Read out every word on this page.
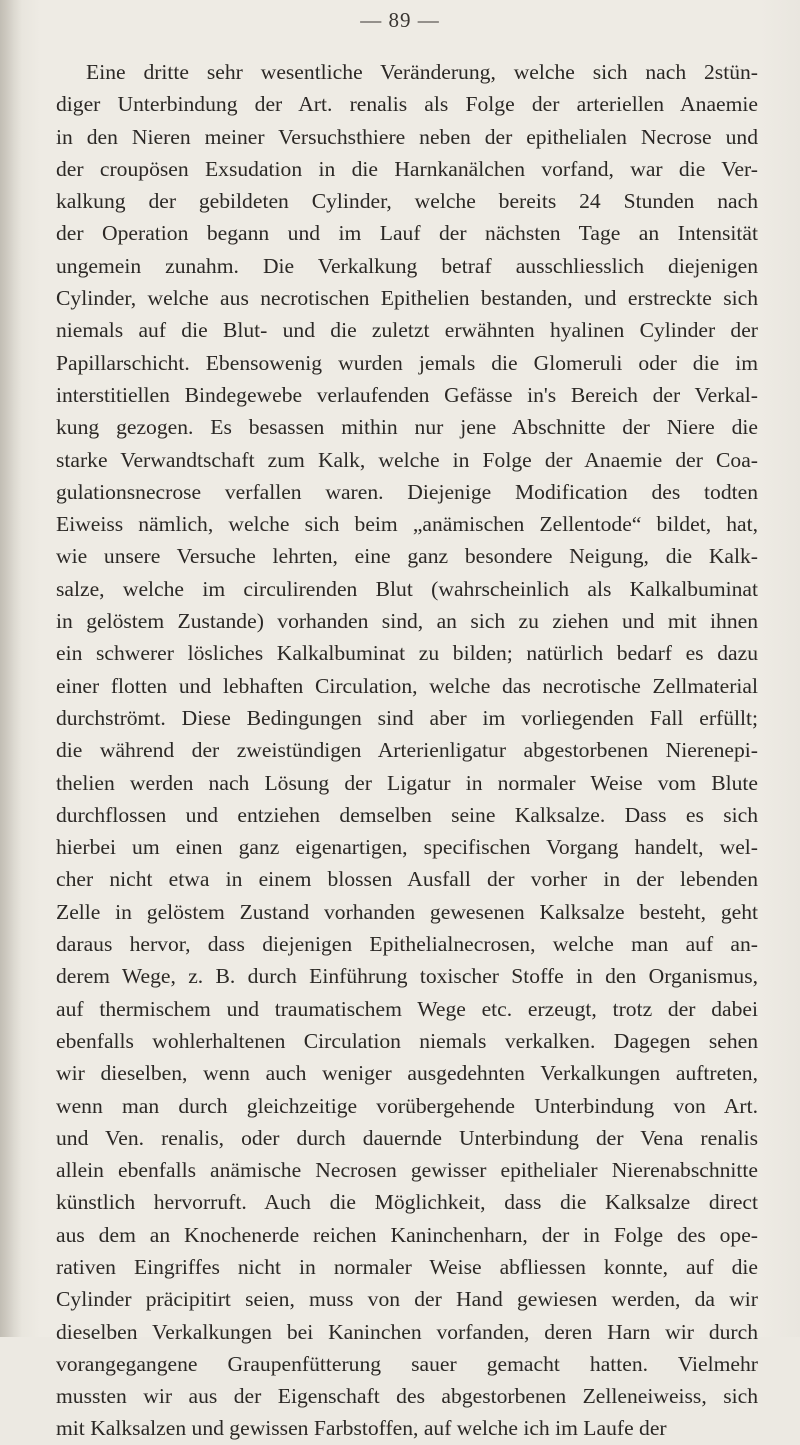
— 89 —
Eine dritte sehr wesentliche Veränderung, welche sich nach 2stün-
diger Unterbindung der Art. renalis als Folge der arteriellen Anaemie
in den Nieren meiner Versuchsthiere neben der epithelialen Necrose und
der croupösen Exsudation in die Harnkanälchen vorfand, war die Ver-
kalkung der gebildeten Cylinder, welche bereits 24 Stunden nach
der Operation begann und im Lauf der nächsten Tage an Intensität
ungemein zunahm. Die Verkalkung betraf ausschliesslich diejenigen
Cylinder, welche aus necrotischen Epithelien bestanden, und erstreckte sich
niemals auf die Blut- und die zuletzt erwähnten hyalinen Cylinder der
Papillarschicht. Ebensowenig wurden jemals die Glomeruli oder die im
interstitiellen Bindegewebe verlaufenden Gefässe in's Bereich der Verkal-
kung gezogen. Es besassen mithin nur jene Abschnitte der Niere die
starke Verwandtschaft zum Kalk, welche in Folge der Anaemie der Coa-
gulationsnecrose verfallen waren. Diejenige Modification des todten
Eiweiss nämlich, welche sich beim „anämischen Zellentode“ bildet, hat,
wie unsere Versuche lehrten, eine ganz besondere Neigung, die Kalk-
salze, welche im circulirenden Blut (wahrscheinlich als Kalkalbuminat
in gelöstem Zustande) vorhanden sind, an sich zu ziehen und mit ihnen
ein schwerer lösliches Kalkalbuminat zu bilden; natürlich bedarf es dazu
einer flotten und lebhaften Circulation, welche das necrotische Zellmaterial
durchströmt. Diese Bedingungen sind aber im vorliegenden Fall erfüllt;
die während der zweistündigen Arterienligatur abgestorbenen Nierenepi-
thelien werden nach Lösung der Ligatur in normaler Weise vom Blute
durchflossen und entziehen demselben seine Kalksalze. Dass es sich
hierbei um einen ganz eigenartigen, specifischen Vorgang handelt, wel-
cher nicht etwa in einem blossen Ausfall der vorher in der lebenden
Zelle in gelöstem Zustand vorhanden gewesenen Kalksalze besteht, geht
daraus hervor, dass diejenigen Epithelialnecrosen, welche man auf an-
derem Wege, z. B. durch Einführung toxischer Stoffe in den Organismus,
auf thermischem und traumatischem Wege etc. erzeugt, trotz der dabei
ebenfalls wohlerhaltenen Circulation niemals verkalken. Dagegen sehen
wir dieselben, wenn auch weniger ausgedehnten Verkalkungen auftreten,
wenn man durch gleichzeitige vorübergehende Unterbindung von Art.
und Ven. renalis, oder durch dauernde Unterbindung der Vena renalis
allein ebenfalls anämische Necrosen gewisser epithelialer Nierenabschnitte
künstlich hervorruft. Auch die Möglichkeit, dass die Kalksalze direct
aus dem an Knochenerde reichen Kaninchenharn, der in Folge des ope-
rativen Eingriffes nicht in normaler Weise abfliessen konnte, auf die
Cylinder präcipitirt seien, muss von der Hand gewiesen werden, da wir
dieselben Verkalkungen bei Kaninchen vorfanden, deren Harn wir durch
vorangegangene Graupenfütterung sauer gemacht hatten. Vielmehr
mussten wir aus der Eigenschaft des abgestorbenen Zelleneiweiss, sich
mit Kalksalzen und gewissen Farbstoffen, auf welche ich im Laufe der
